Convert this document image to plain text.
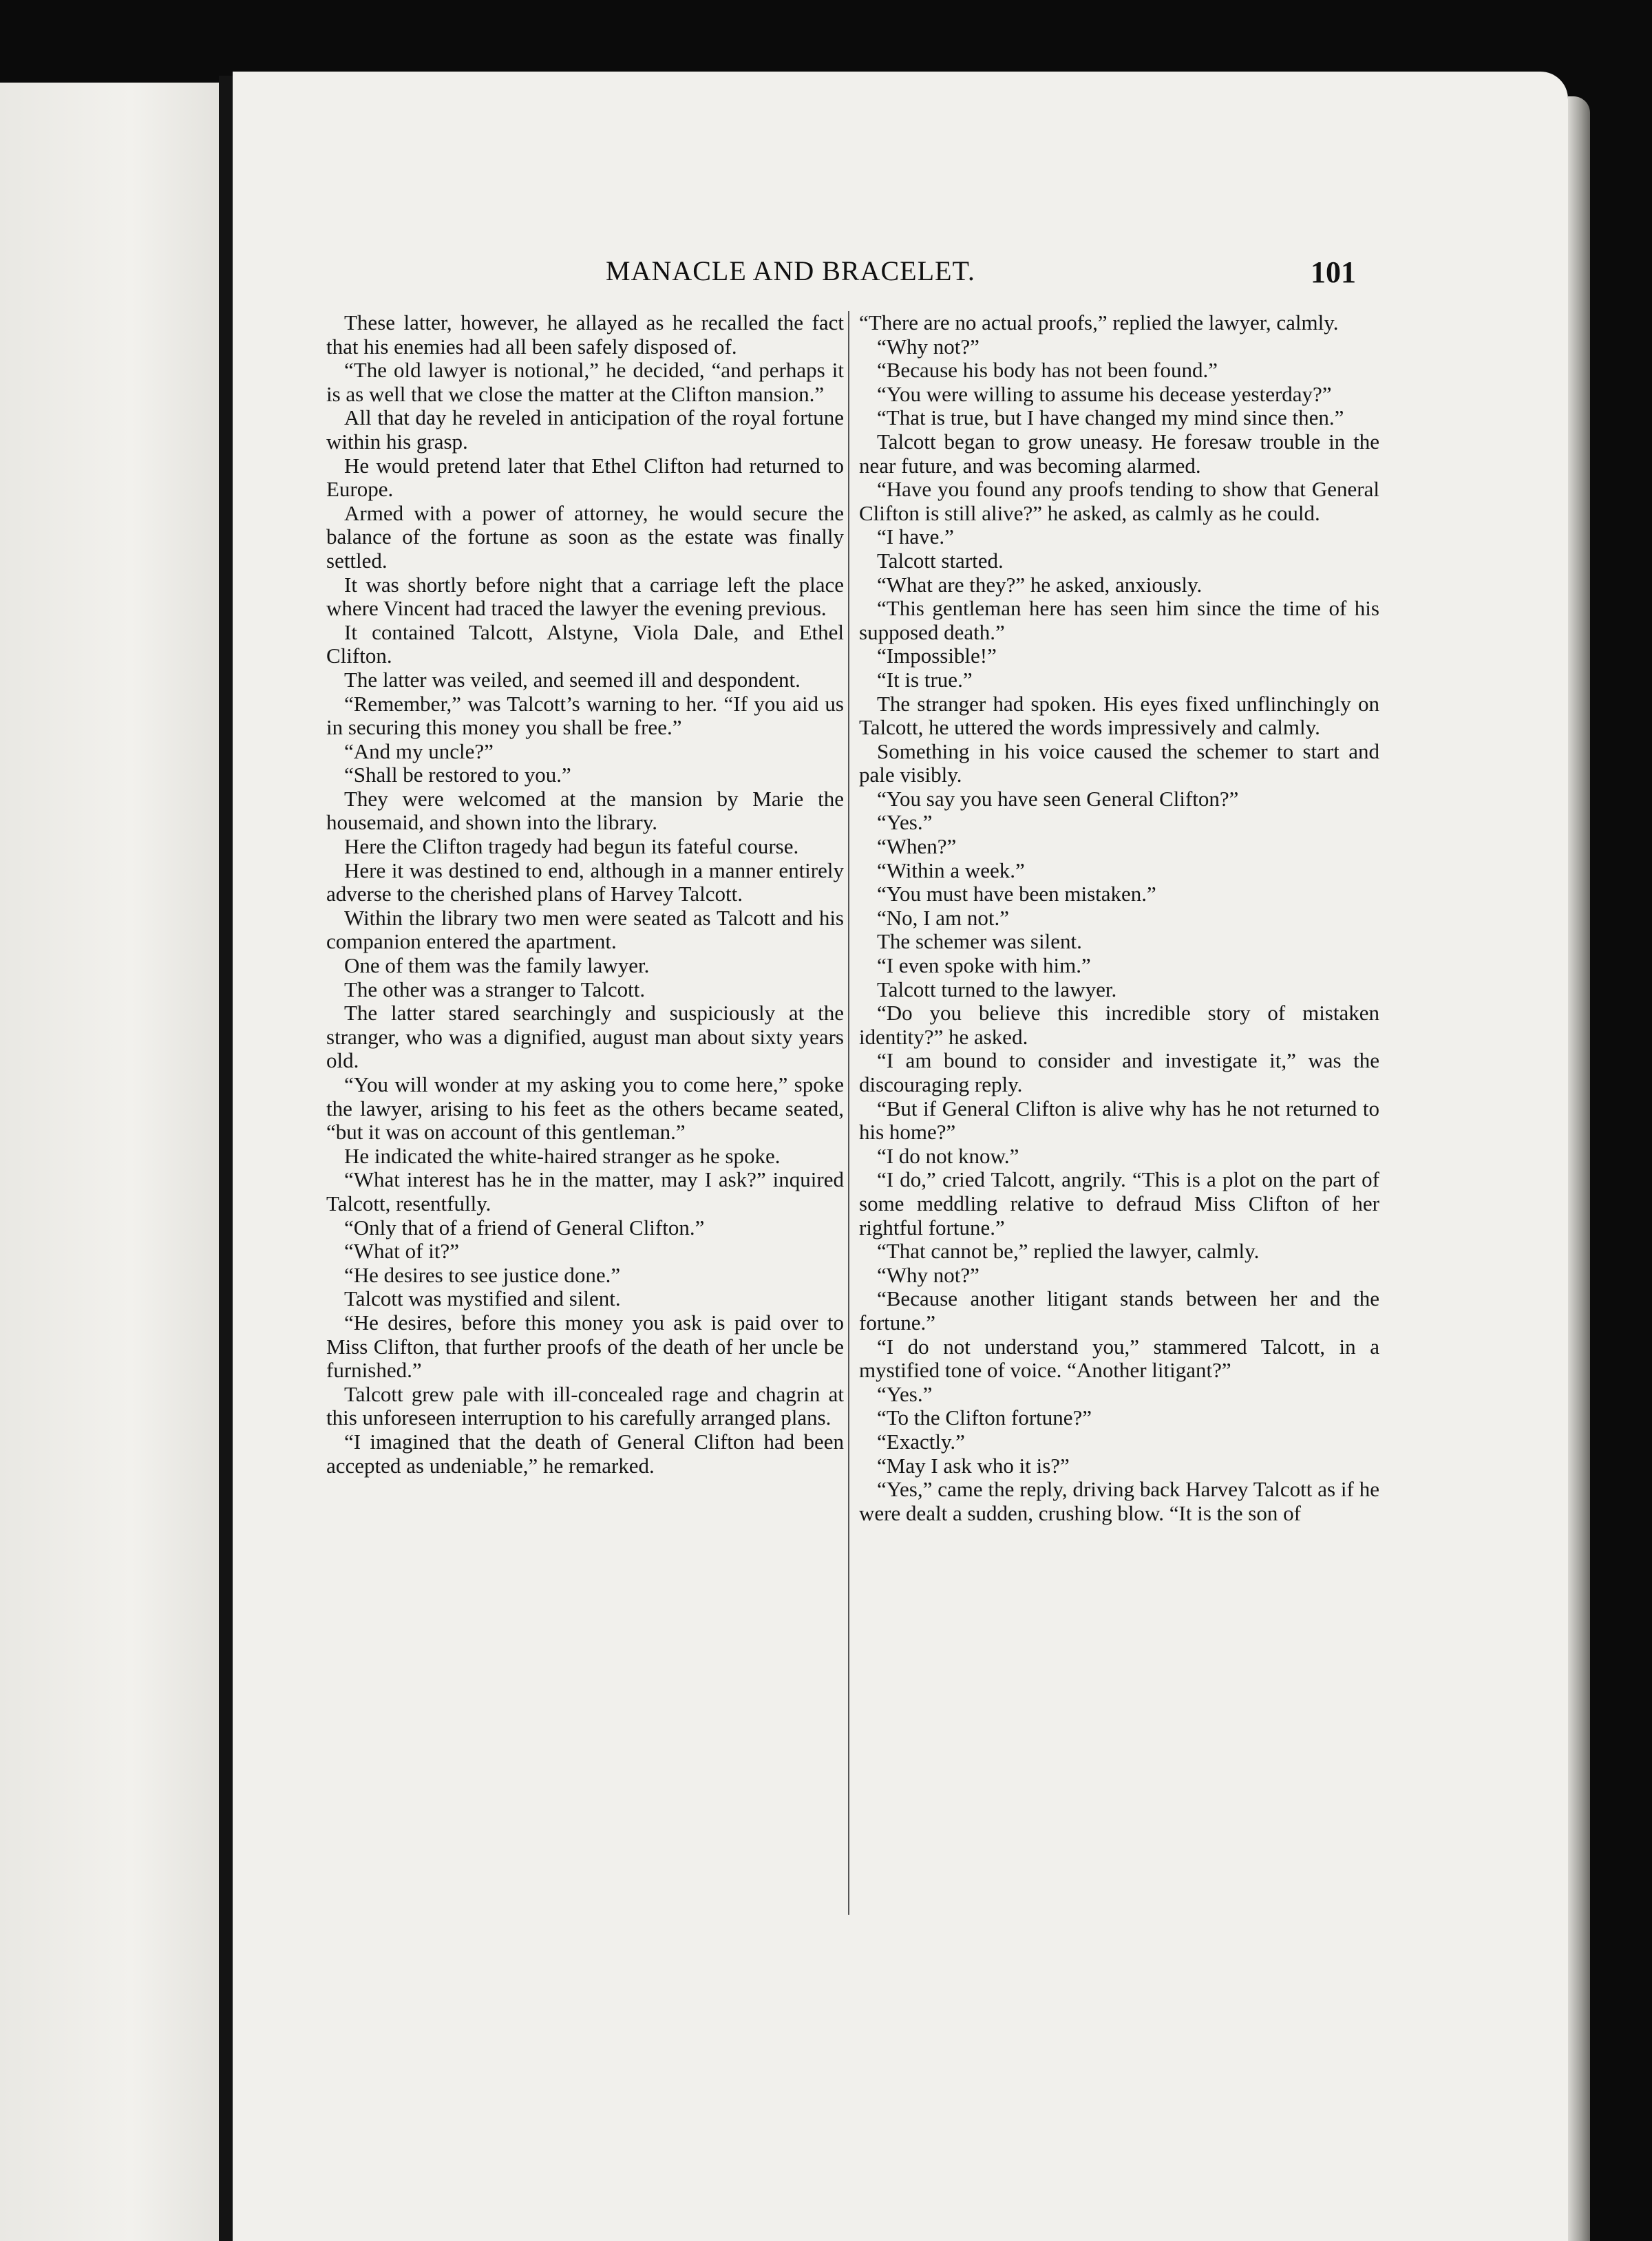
MANACLE AND BRACELET.	101

These latter, however, he allayed as he recalled the fact that his enemies had all been safely disposed of.

“The old lawyer is notional,” he decided, “and perhaps it is as well that we close the matter at the Clifton mansion.”

All that day he reveled in anticipation of the royal fortune within his grasp.

He would pretend later that Ethel Clifton had returned to Europe.

Armed with a power of attorney, he would secure the balance of the fortune as soon as the estate was finally settled.

It was shortly before night that a carriage left the place where Vincent had traced the lawyer the evening previous.

It contained Talcott, Alstyne, Viola Dale, and Ethel Clifton.

The latter was veiled, and seemed ill and despondent.

“Remember,” was Talcott’s warning to her. “If you aid us in securing this money you shall be free.”

“And my uncle?”

“Shall be restored to you.”

They were welcomed at the mansion by Marie the housemaid, and shown into the library.

Here the Clifton tragedy had begun its fateful course.

Here it was destined to end, although in a manner entirely adverse to the cherished plans of Harvey Talcott.

Within the library two men were seated as Talcott and his companion entered the apartment.

One of them was the family lawyer.

The other was a stranger to Talcott.

The latter stared searchingly and suspiciously at the stranger, who was a dignified, august man about sixty years old.

“You will wonder at my asking you to come here,” spoke the lawyer, arising to his feet as the others became seated, “but it was on account of this gentleman.”

He indicated the white-haired stranger as he spoke.

“What interest has he in the matter, may I ask?” inquired Talcott, resentfully.

“Only that of a friend of General Clifton.”

“What of it?”

“He desires to see justice done.”

Talcott was mystified and silent.

“He desires, before this money you ask is paid over to Miss Clifton, that further proofs of the death of her uncle be furnished.”

Talcott grew pale with ill-concealed rage and chagrin at this unforeseen interruption to his carefully arranged plans.

“I imagined that the death of General Clifton had been accepted as undeniable,” he remarked.

“There are no actual proofs,” replied the lawyer, calmly.

“Why not?”

“Because his body has not been found.”

“You were willing to assume his decease yesterday?”

“That is true, but I have changed my mind since then.”

Talcott began to grow uneasy. He foresaw trouble in the near future, and was becoming alarmed.

“Have you found any proofs tending to show that General Clifton is still alive?” he asked, as calmly as he could.

“I have.”

Talcott started.

“What are they?” he asked, anxiously.

“This gentleman here has seen him since the time of his supposed death.”

“Impossible!”

“It is true.”

The stranger had spoken. His eyes fixed unflinchingly on Talcott, he uttered the words impressively and calmly.

Something in his voice caused the schemer to start and pale visibly.

“You say you have seen General Clifton?”

“Yes.”

“When?”

“Within a week.”

“You must have been mistaken.”

“No, I am not.”

The schemer was silent.

“I even spoke with him.”

Talcott turned to the lawyer.

“Do you believe this incredible story of mistaken identity?” he asked.

“I am bound to consider and investigate it,” was the discouraging reply.

“But if General Clifton is alive why has he not returned to his home?”

“I do not know.”

“I do,” cried Talcott, angrily. “This is a plot on the part of some meddling relative to defraud Miss Clifton of her rightful fortune.”

“That cannot be,” replied the lawyer, calmly.

“Why not?”

“Because another litigant stands between her and the fortune.”

“I do not understand you,” stammered Talcott, in a mystified tone of voice. “Another litigant?”

“Yes.”

“To the Clifton fortune?”

“Exactly.”

“May I ask who it is?”

“Yes,” came the reply, driving back Harvey Talcott as if he were dealt a sudden, crushing blow. “It is the son of
